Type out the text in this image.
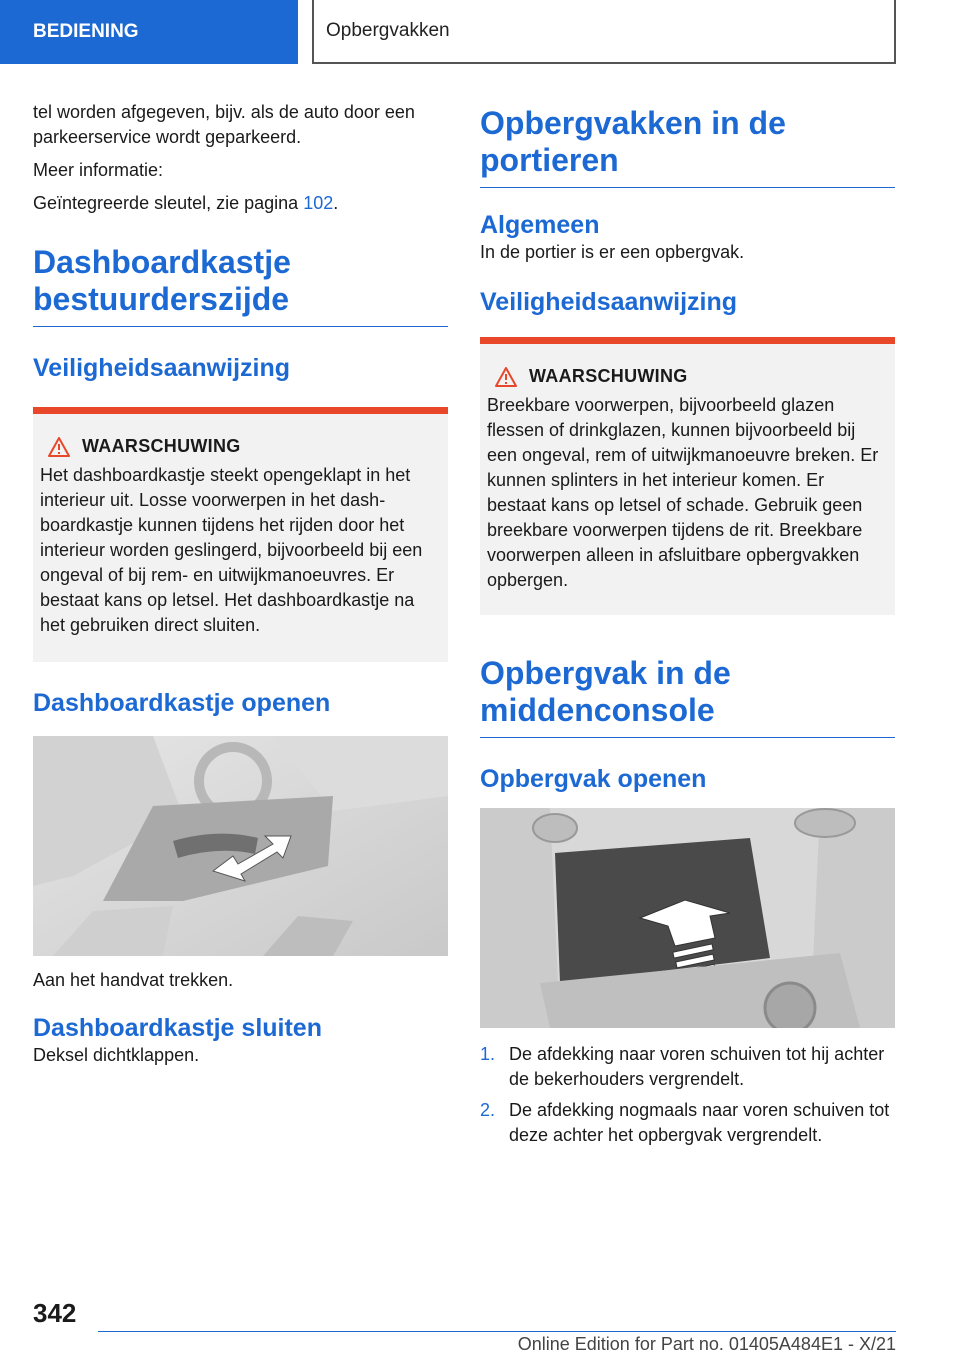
BEDIENING	Opbergvakken

tel worden afgegeven, bijv. als de auto door een parkeerservice wordt geparkeerd.

Meer informatie:

Geïntegreerde sleutel, zie pagina 102.

Dashboardkastje bestuurderszijde
Veiligheidsaanwijzing
WAARSCHUWING

Het dashboardkastje steekt opengeklapt in het interieur uit. Losse voorwerpen in het dashboardkastje kunnen tijdens het rijden door het interieur worden geslingerd, bijvoorbeeld bij een ongeval of bij rem- en uitwijkmanoeuvres. Er bestaat kans op letsel. Het dashboardkastje na het gebruiken direct sluiten.

Dashboardkastje openen

Aan het handvat trekken.

Dashboardkastje sluiten

Deksel dichtklappen.

Opbergvakken in de portieren
Algemeen

In de portier is er een opbergvak.

Veiligheidsaanwijzing
WAARSCHUWING

Breekbare voorwerpen, bijvoorbeeld glazen flessen of drinkglazen, kunnen bijvoorbeeld bij een ongeval, rem of uitwijkmanoeuvre breken. Er kunnen splinters in het interieur komen. Er bestaat kans op letsel of schade. Gebruik geen breekbare voorwerpen tijdens de rit. Breekbare voorwerpen alleen in afsluitbare opbergvakken opbergen.

Opbergvak in de middenconsole
Opbergvak openen
1. De afdekking naar voren schuiven tot hij achter de bekerhouders vergrendelt.
2. De afdekking nogmaals naar voren schuiven tot deze achter het opbergvak vergrendelt.
342
Online Edition for Part no. 01405A484E1 - X/21
